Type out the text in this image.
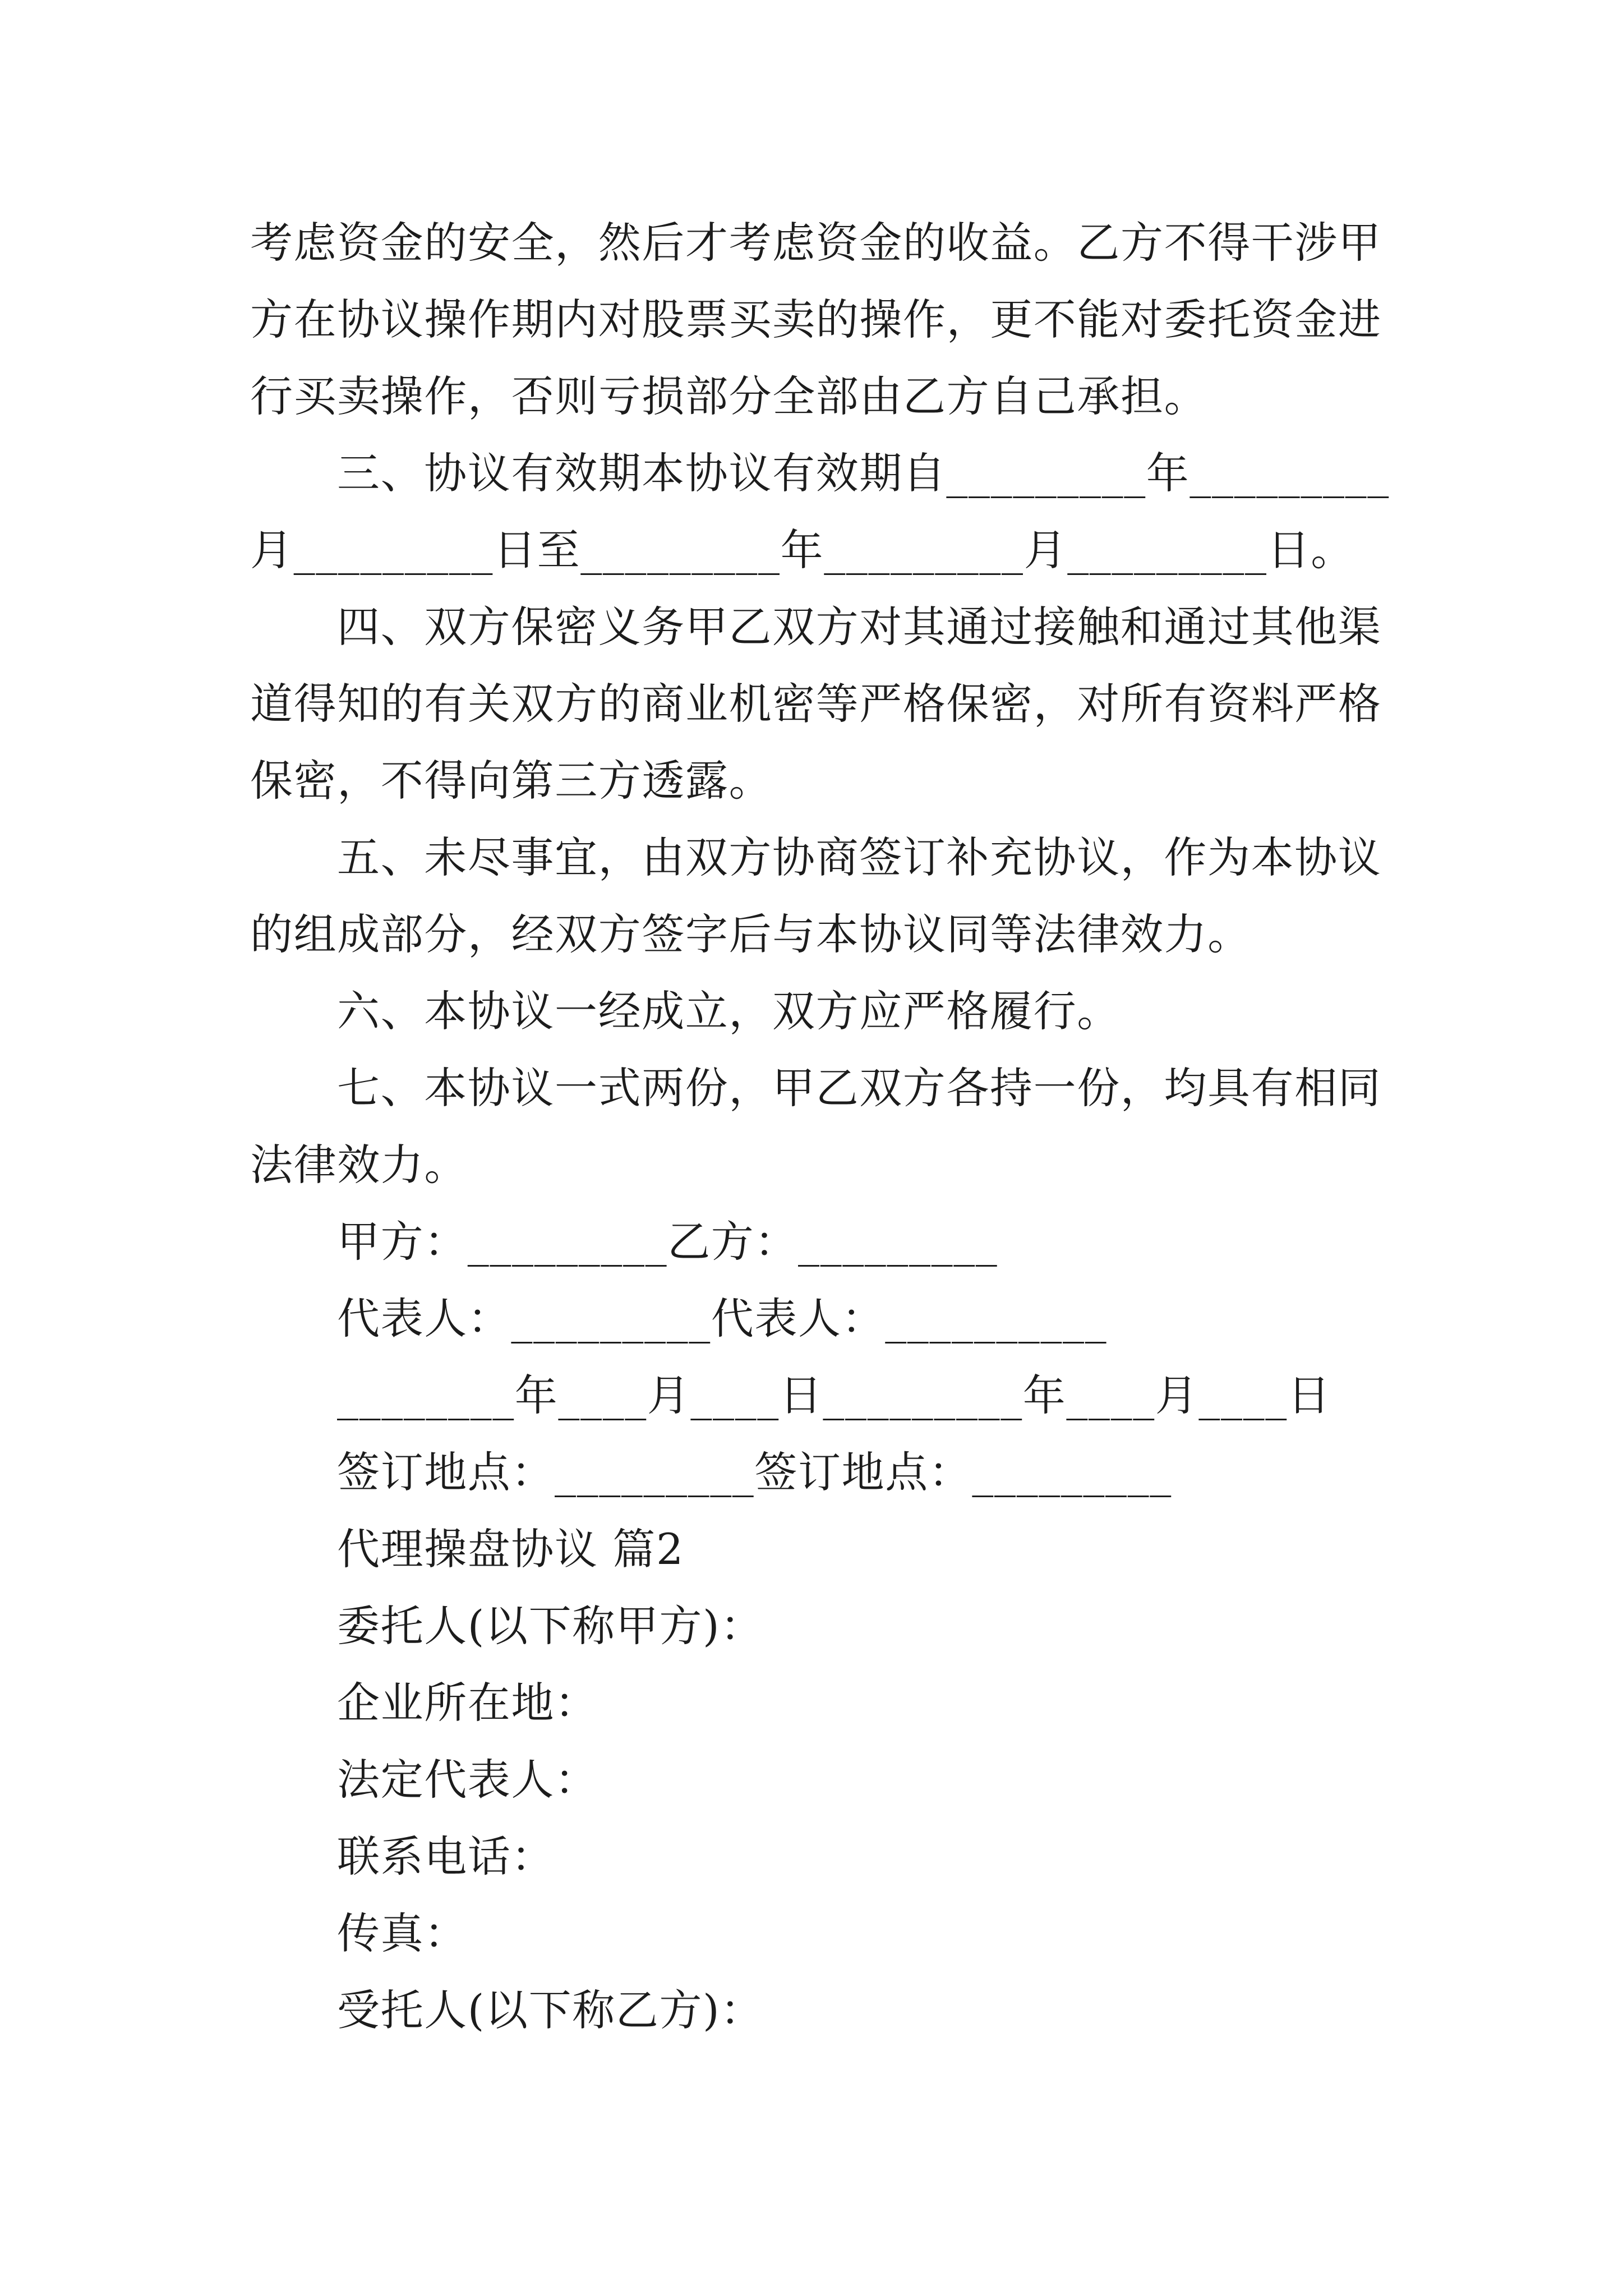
考虑资金的安全，然后才考虑资金的收益。乙方不得干涉甲
方在协议操作期内对股票买卖的操作，更不能对委托资金进
行买卖操作，否则亏损部分全部由乙方自己承担。
三、协议有效期本协议有效期自_________年_________
月_________日至_________年_________月_________日。
四、双方保密义务甲乙双方对其通过接触和通过其他渠
道得知的有关双方的商业机密等严格保密，对所有资料严格
保密，不得向第三方透露。
五、未尽事宜，由双方协商签订补充协议，作为本协议
的组成部分，经双方签字后与本协议同等法律效力。
六、本协议一经成立，双方应严格履行。
七、本协议一式两份，甲乙双方各持一份，均具有相同
法律效力。
甲方：_________乙方：_________
代表人：_________代表人：__________
________年____月____日_________年____月____日
签订地点：_________签订地点：_________
代理操盘协议 篇2
委托人(以下称甲方)：
企业所在地：
法定代表人：
联系电话：
传真：
受托人(以下称乙方)：
